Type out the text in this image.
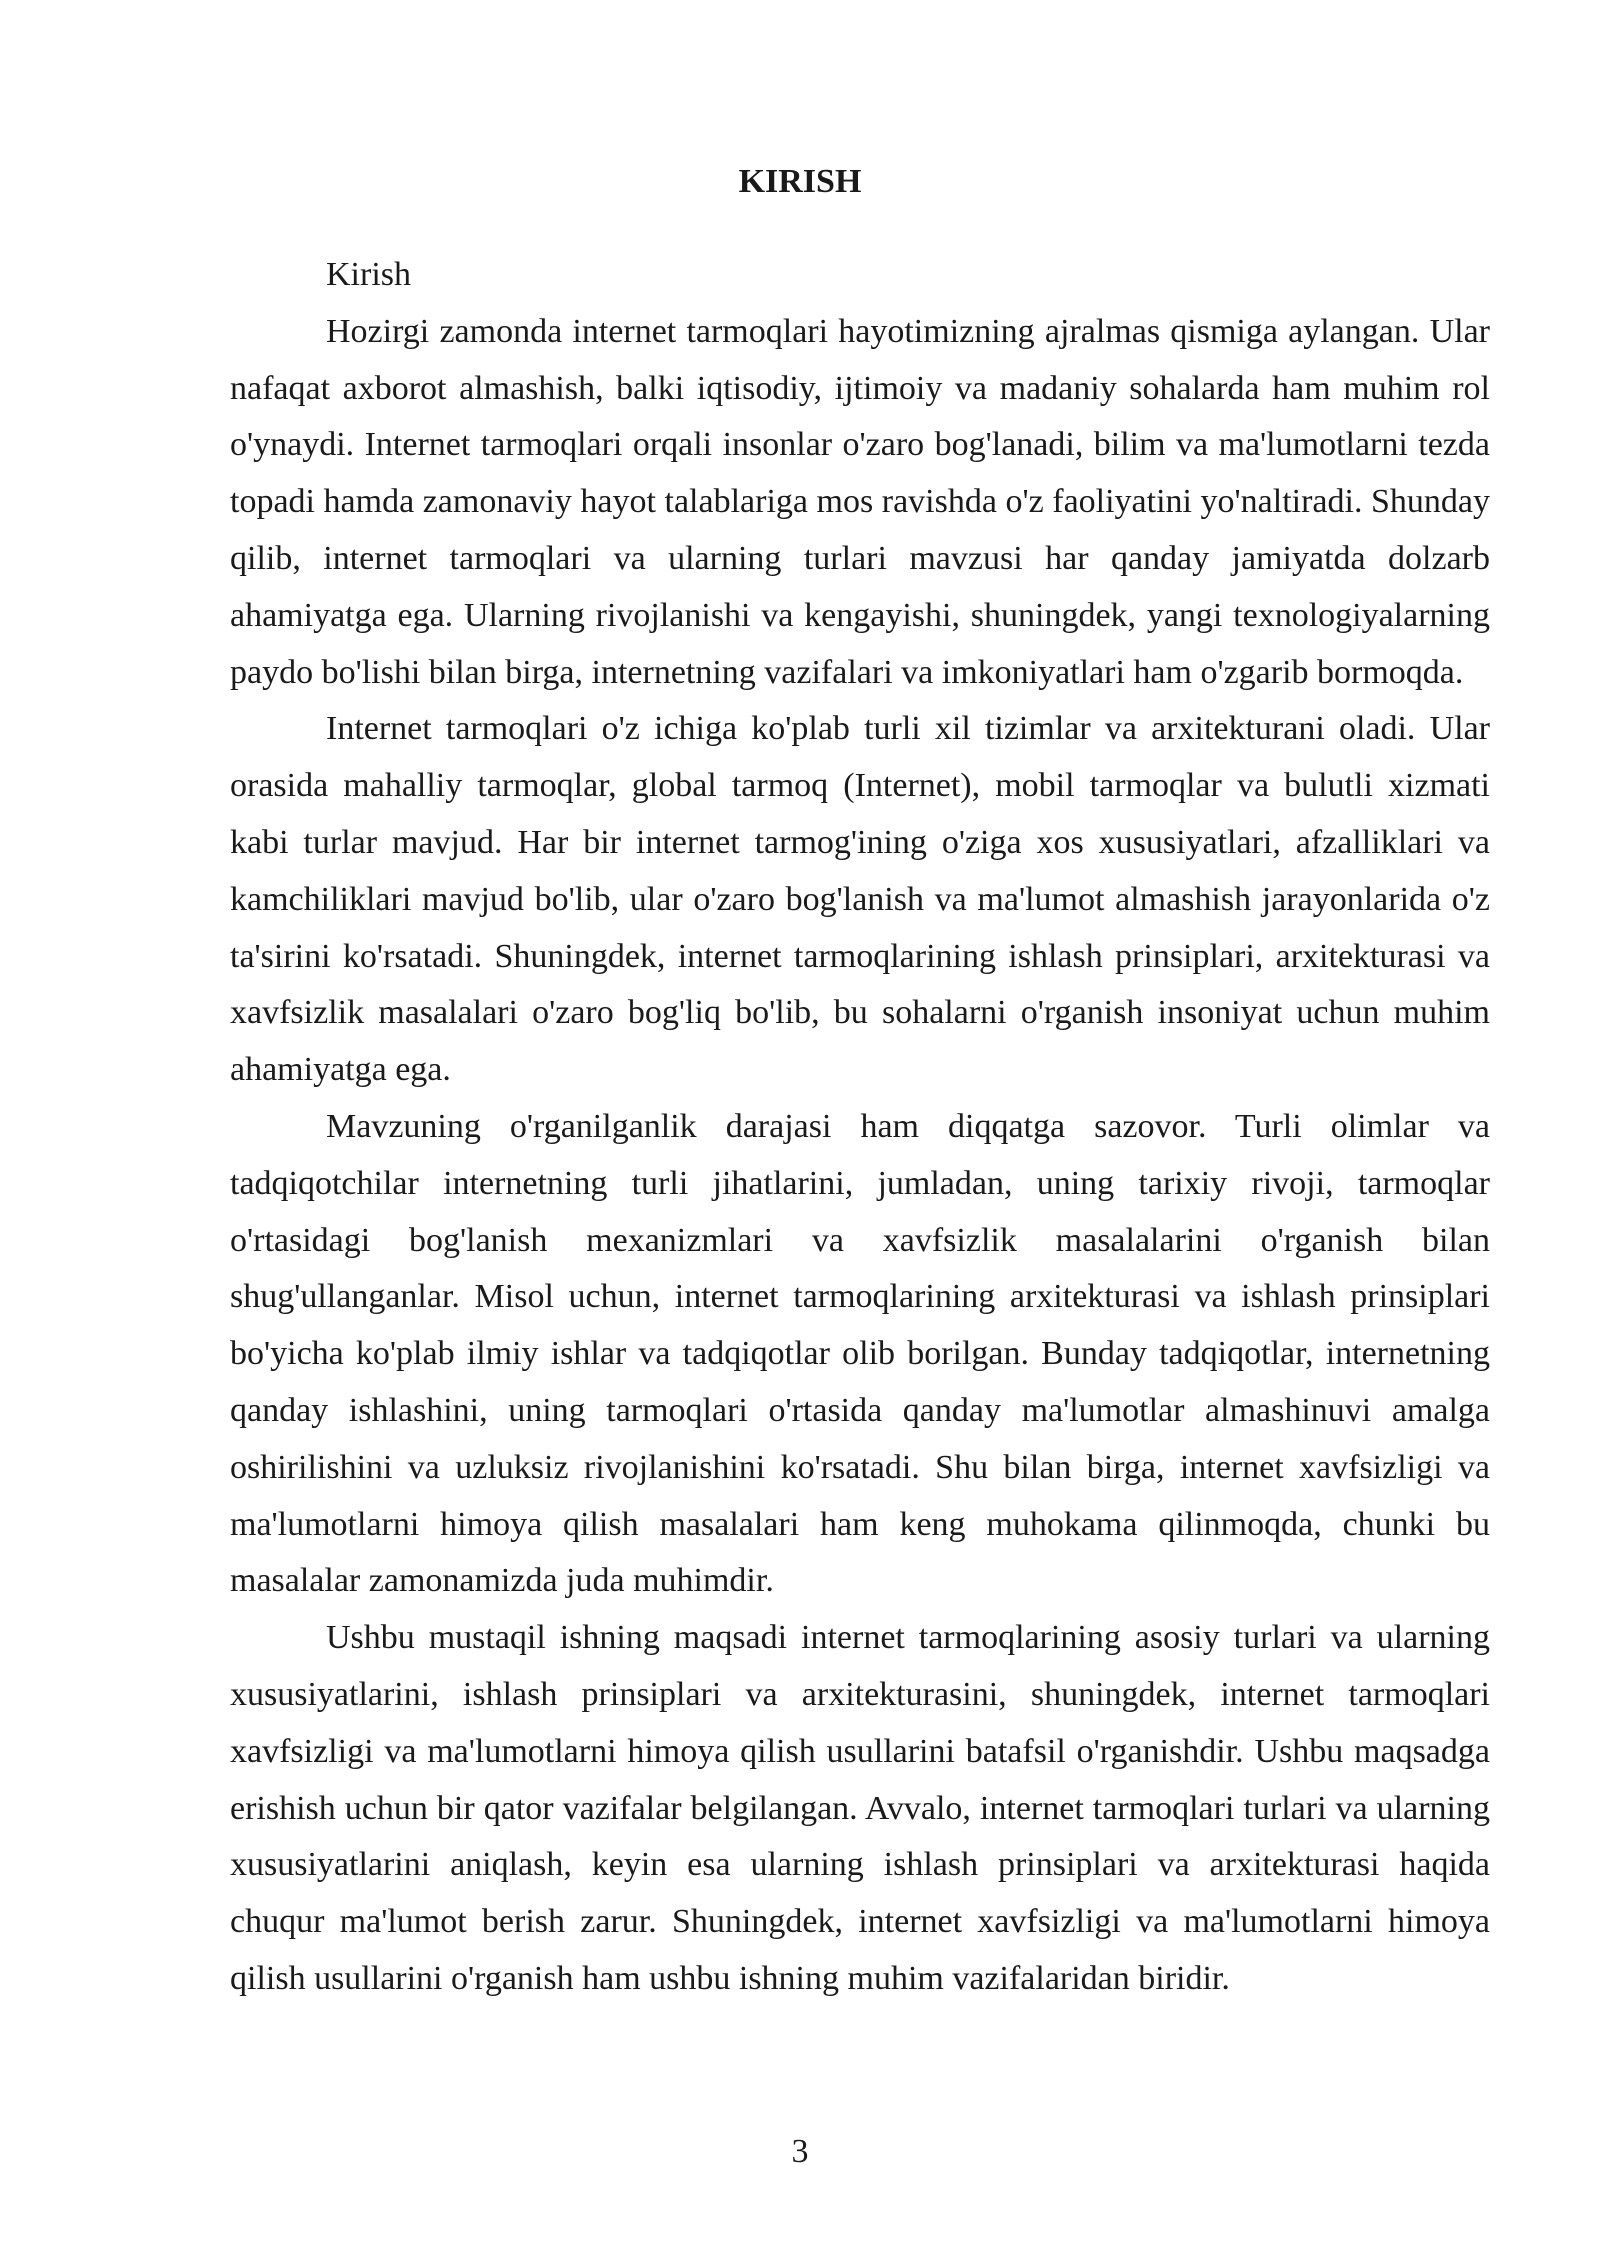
KIRISH

Kirish

Hozirgi zamonda internet tarmoqlari hayotimizning ajralmas qismiga aylangan. Ular nafaqat axborot almashish, balki iqtisodiy, ijtimoiy va madaniy sohalarda ham muhim rol o'ynaydi. Internet tarmoqlari orqali insonlar o'zaro bog'lanadi, bilim va ma'lumotlarni tezda topadi hamda zamonaviy hayot talablariga mos ravishda o'z faoliyatini yo'naltiradi. Shunday qilib, internet tarmoqlari va ularning turlari mavzusi har qanday jamiyatda dolzarb ahamiyatga ega. Ularning rivojlanishi va kengayishi, shuningdek, yangi texnologiyalarning paydo bo'lishi bilan birga, internetning vazifalari va imkoniyatlari ham o'zgarib bormoqda.

Internet tarmoqlari o'z ichiga ko'plab turli xil tizimlar va arxitekturani oladi. Ular orasida mahalliy tarmoqlar, global tarmoq (Internet), mobil tarmoqlar va bulutli xizmati kabi turlar mavjud. Har bir internet tarmog'ining o'ziga xos xususiyatlari, afzalliklari va kamchiliklari mavjud bo'lib, ular o'zaro bog'lanish va ma'lumot almashish jarayonlarida o'z ta'sirini ko'rsatadi. Shuningdek, internet tarmoqlarining ishlash prinsiplari, arxitekturasi va xavfsizlik masalalari o'zaro bog'liq bo'lib, bu sohalarni o'rganish insoniyat uchun muhim ahamiyatga ega.

Mavzuning o'rganilganlik darajasi ham diqqatga sazovor. Turli olimlar va tadqiqotchilar internetning turli jihatlarini, jumladan, uning tarixiy rivoji, tarmoqlar o'rtasidagi bog'lanish mexanizmlari va xavfsizlik masalalarini o'rganish bilan shug'ullanganlar. Misol uchun, internet tarmoqlarining arxitekturasi va ishlash prinsiplari bo'yicha ko'plab ilmiy ishlar va tadqiqotlar olib borilgan. Bunday tadqiqotlar, internetning qanday ishlashini, uning tarmoqlari o'rtasida qanday ma'lumotlar almashinuvi amalga oshirilishini va uzluksiz rivojlanishini ko'rsatadi. Shu bilan birga, internet xavfsizligi va ma'lumotlarni himoya qilish masalalari ham keng muhokama qilinmoqda, chunki bu masalalar zamonamizda juda muhimdir.

Ushbu mustaqil ishning maqsadi internet tarmoqlarining asosiy turlari va ularning xususiyatlarini, ishlash prinsiplari va arxitekturasini, shuningdek, internet tarmoqlari xavfsizligi va ma'lumotlarni himoya qilish usullarini batafsil o'rganishdir. Ushbu maqsadga erishish uchun bir qator vazifalar belgilangan. Avvalo, internet tarmoqlari turlari va ularning xususiyatlarini aniqlash, keyin esa ularning ishlash prinsiplari va arxitekturasi haqida chuqur ma'lumot berish zarur. Shuningdek, internet xavfsizligi va ma'lumotlarni himoya qilish usullarini o'rganish ham ushbu ishning muhim vazifalaridan biridir.

3
